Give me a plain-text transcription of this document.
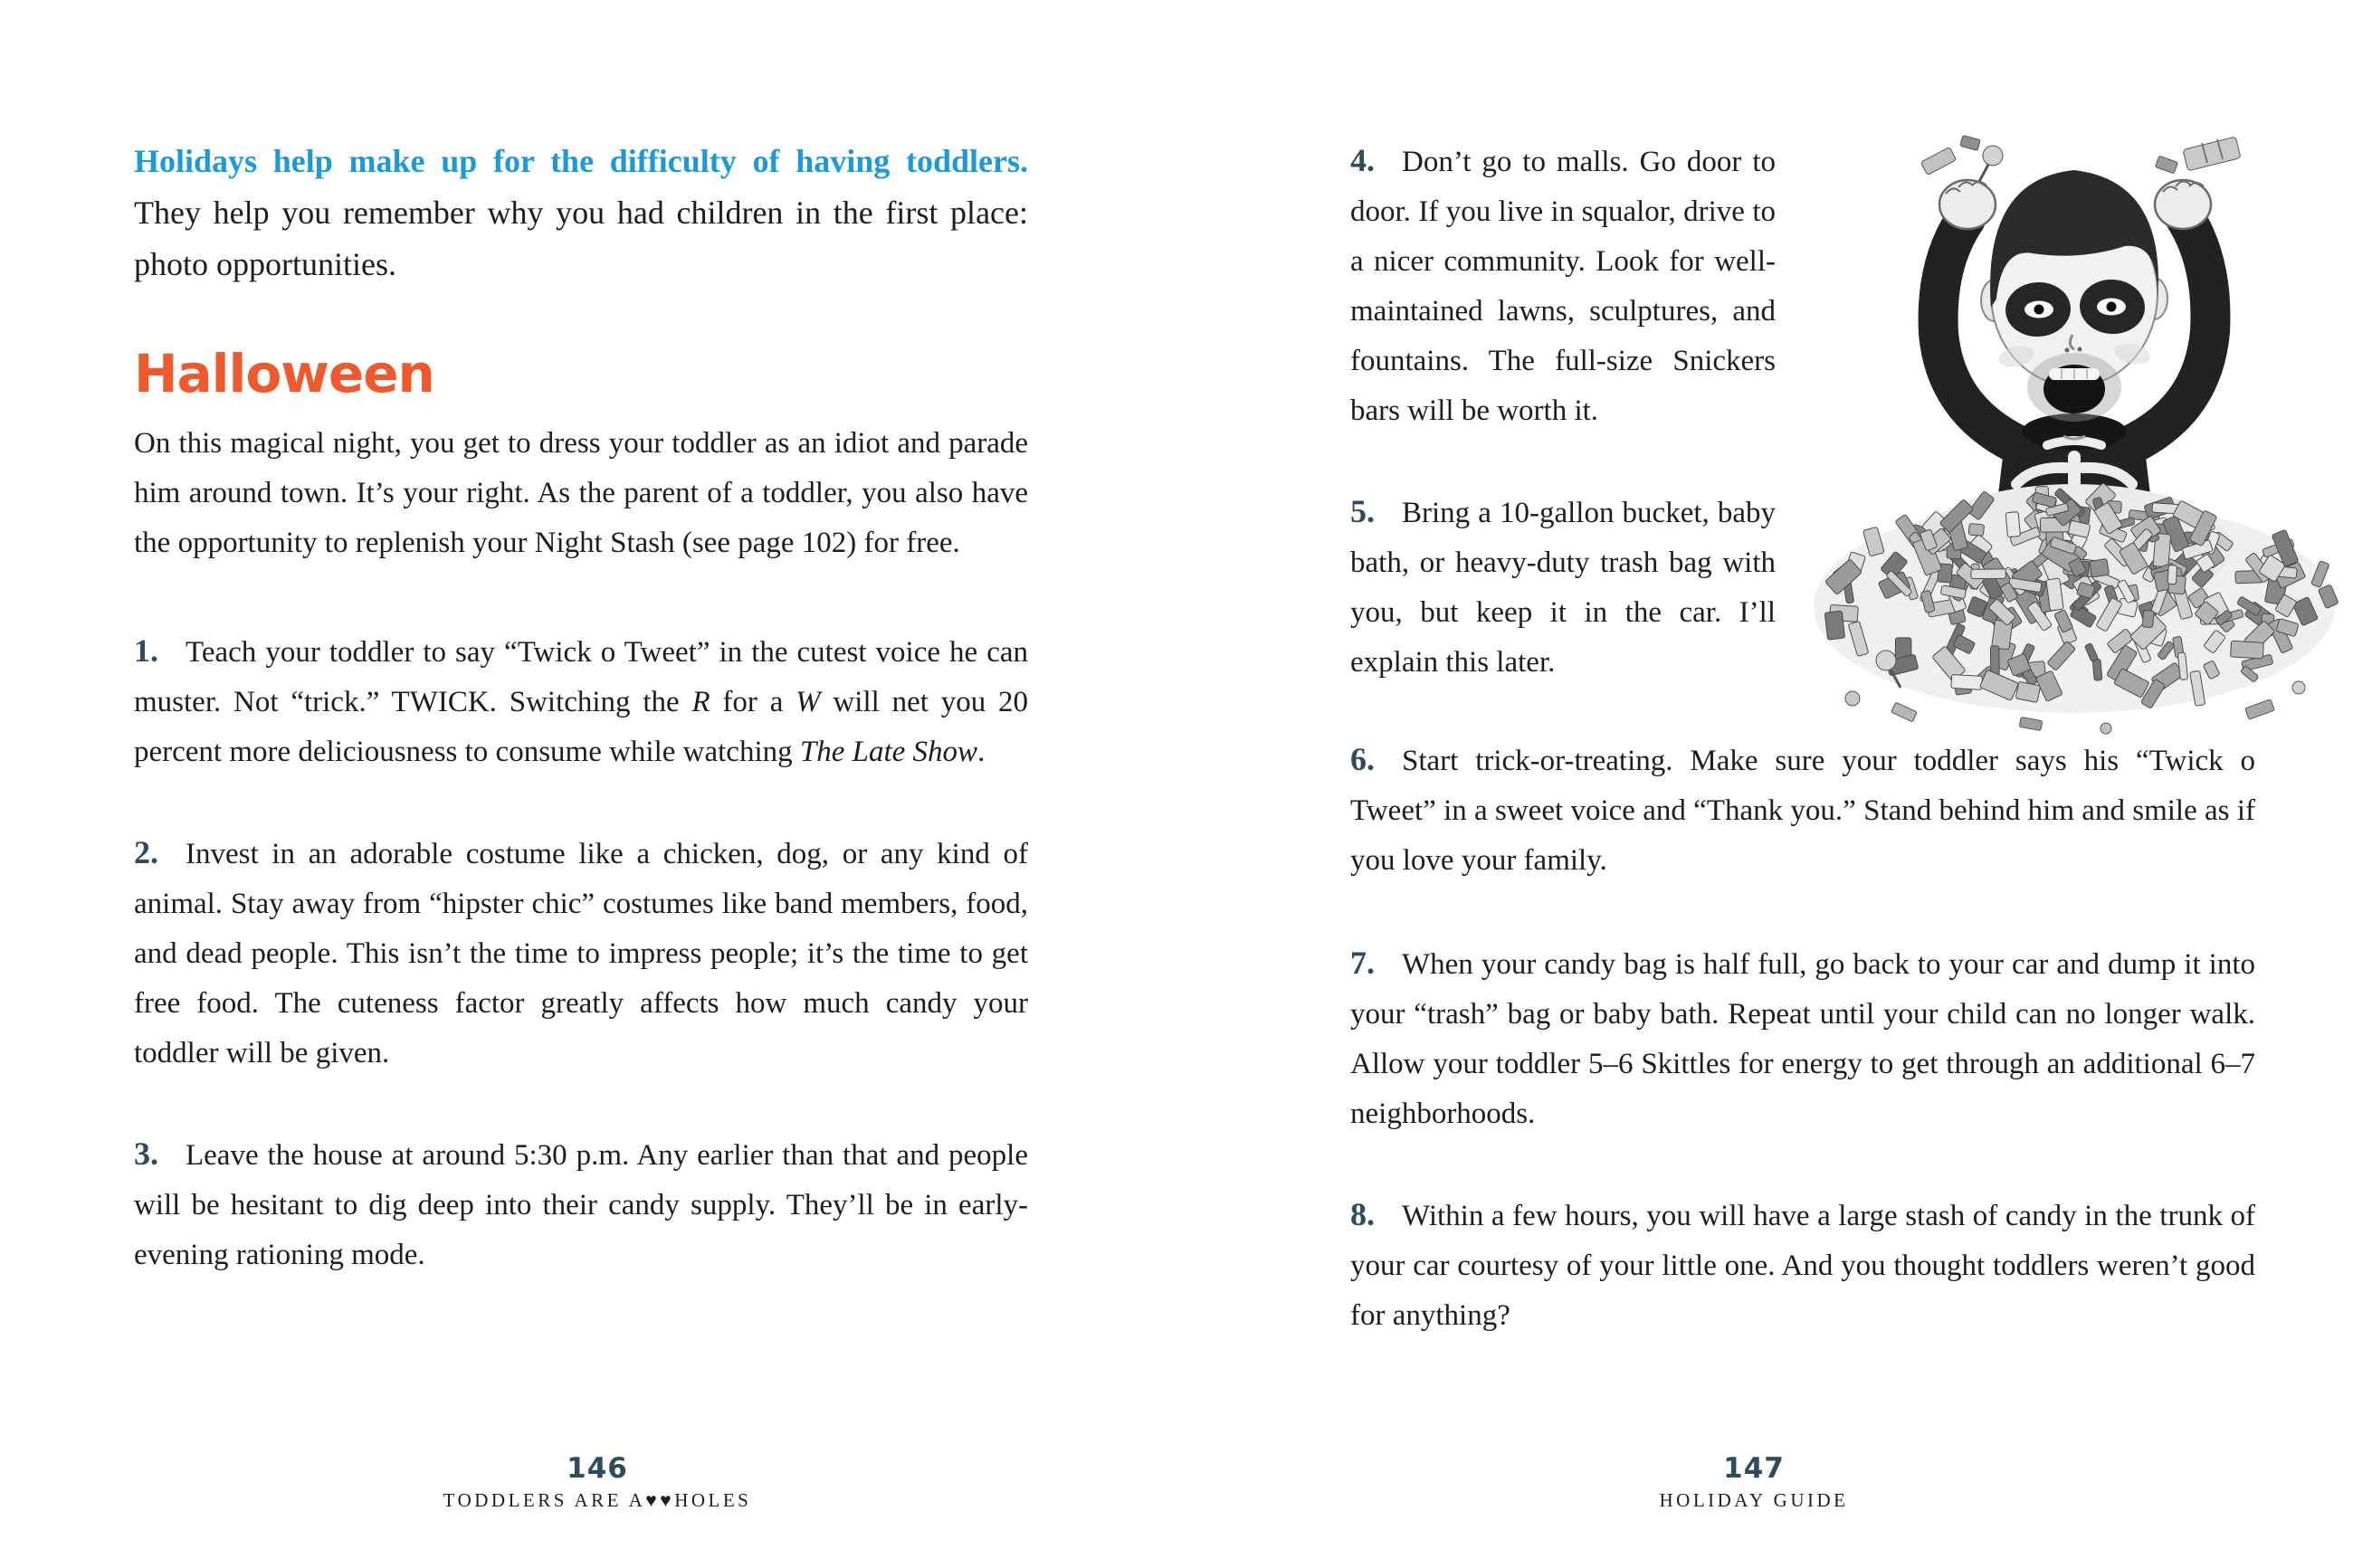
Holidays help make up for the difficulty of having toddlers. They help you remember why you had children in the first place: photo opportunities.

Halloween

On this magical night, you get to dress your toddler as an idiot and parade him around town. It’s your right. As the parent of a toddler, you also have the opportunity to replenish your Night Stash (see page 102) for free.

1. Teach your toddler to say “Twick o Tweet” in the cutest voice he can muster. Not “trick.” TWICK. Switching the R for a W will net you 20 percent more deliciousness to consume while watching The Late Show.

2. Invest in an adorable costume like a chicken, dog, or any kind of animal. Stay away from “hipster chic” costumes like band members, food, and dead people. This isn’t the time to impress people; it’s the time to get free food. The cuteness factor greatly affects how much candy your toddler will be given.

3. Leave the house at around 5:30 p.m. Any earlier than that and people will be hesitant to dig deep into their candy supply. They’ll be in early-evening rationing mode.

4. Don’t go to malls. Go door to door. If you live in squalor, drive to a nicer community. Look for well-maintained lawns, sculptures, and fountains. The full-size Snickers bars will be worth it.

5. Bring a 10-gallon bucket, baby bath, or heavy-duty trash bag with you, but keep it in the car. I’ll explain this later.

6. Start trick-or-treating. Make sure your toddler says his “Twick o Tweet” in a sweet voice and “Thank you.” Stand behind him and smile as if you love your family.

7. When your candy bag is half full, go back to your car and dump it into your “trash” bag or baby bath. Repeat until your child can no longer walk. Allow your toddler 5–6 Skittles for energy to get through an additional 6–7 neighborhoods.

8. Within a few hours, you will have a large stash of candy in the trunk of your car courtesy of your little one. And you thought toddlers weren’t good for anything?

146
TODDLERS ARE A♥♥HOLES
147
HOLIDAY GUIDE
